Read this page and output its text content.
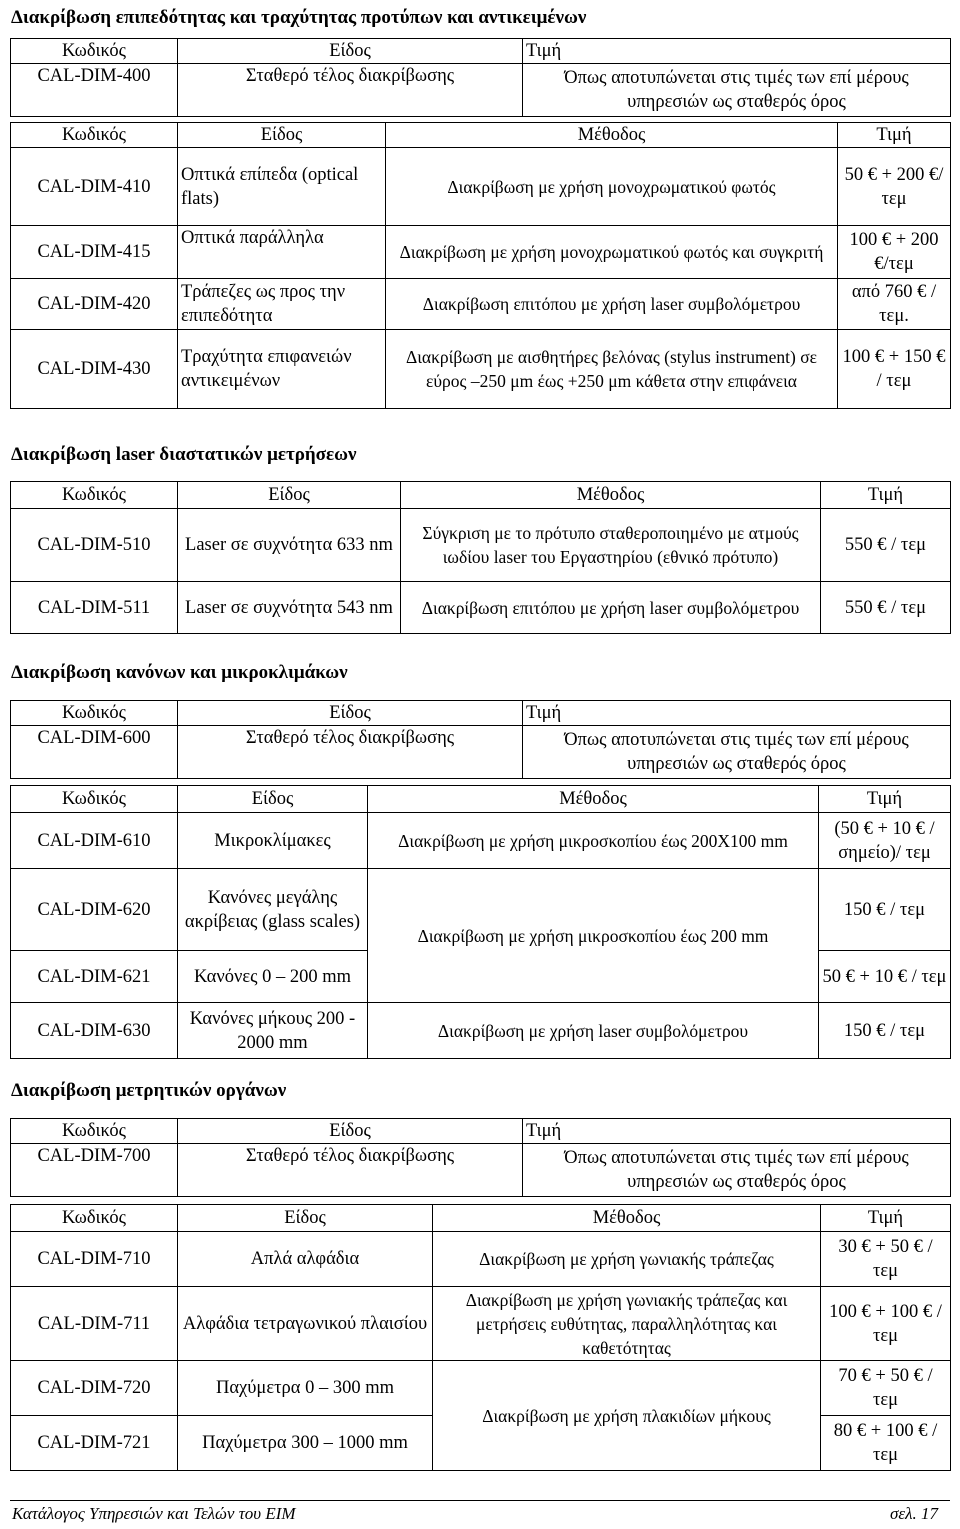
Διακρίβωση επιπεδότητας και τραχύτητας προτύπων και αντικειμένων
Κωδικός	Είδος	Τιμή
CAL-DIM-400	Σταθερό τέλος διακρίβωσης	Όπως αποτυπώνεται στις τιμές των επί μέρους υπηρεσιών ως σταθερός όρος
Κωδικός	Είδος	Μέθοδος	Τιμή
CAL-DIM-410	Οπτικά επίπεδα (optical flats)	Διακρίβωση με χρήση μονοχρωματικού φωτός	50 € + 200 €/τεμ
CAL-DIM-415	Οπτικά παράλληλα	Διακρίβωση με χρήση μονοχρωματικού φωτός και συγκριτή	100 € + 200 €/τεμ
CAL-DIM-420	Τράπεζες ως προς την επιπεδότητα	Διακρίβωση επιτόπου με χρήση laser συμβολόμετρου	από 760 € / τεμ.
CAL-DIM-430	Τραχύτητα επιφανειών αντικειμένων	Διακρίβωση με αισθητήρες βελόνας (stylus instrument) σε εύρος –250 μm έως +250 μm κάθετα στην επιφάνεια	100 € + 150 € / τεμ
Διακρίβωση laser διαστατικών μετρήσεων
Κωδικός	Είδος	Μέθοδος	Τιμή
CAL-DIM-510	Laser σε συχνότητα 633 nm	Σύγκριση με το πρότυπο σταθεροποιημένο με ατμούς ιωδίου laser του Εργαστηρίου (εθνικό πρότυπο)	550 € / τεμ
CAL-DIM-511	Laser σε συχνότητα 543 nm	Διακρίβωση επιτόπου με χρήση laser συμβολόμετρου	550 € / τεμ
Διακρίβωση κανόνων και μικροκλιμάκων
Κωδικός	Είδος	Τιμή
CAL-DIM-600	Σταθερό τέλος διακρίβωσης	Όπως αποτυπώνεται στις τιμές των επί μέρους υπηρεσιών ως σταθερός όρος
Κωδικός	Είδος	Μέθοδος	Τιμή
CAL-DIM-610	Μικροκλίμακες	Διακρίβωση με χρήση μικροσκοπίου έως 200Χ100 mm	(50 € + 10 € / σημείο)/ τεμ
CAL-DIM-620	Κανόνες μεγάλης ακρίβειας (glass scales)	Διακρίβωση με χρήση μικροσκοπίου έως 200 mm	150 € / τεμ
CAL-DIM-621	Κανόνες 0 – 200 mm		50 € + 10 € / τεμ
CAL-DIM-630	Κανόνες μήκους 200 - 2000 mm	Διακρίβωση με χρήση laser συμβολόμετρου	150 € / τεμ
Διακρίβωση μετρητικών οργάνων
Κωδικός	Είδος	Τιμή
CAL-DIM-700	Σταθερό τέλος διακρίβωσης	Όπως αποτυπώνεται στις τιμές των επί μέρους υπηρεσιών ως σταθερός όρος
Κωδικός	Είδος	Μέθοδος	Τιμή
CAL-DIM-710	Απλά αλφάδια	Διακρίβωση με χρήση γωνιακής τράπεζας	30 € + 50 € / τεμ
CAL-DIM-711	Αλφάδια τετραγωνικού πλαισίου	Διακρίβωση με χρήση γωνιακής τράπεζας και μετρήσεις ευθύτητας, παραλληλότητας και καθετότητας	100 € + 100 € / τεμ
CAL-DIM-720	Παχύμετρα 0 – 300 mm	Διακρίβωση με χρήση πλακιδίων μήκους	70 € + 50 € / τεμ
CAL-DIM-721	Παχύμετρα 300 – 1000 mm		80 € + 100 € / τεμ
Κατάλογος Υπηρεσιών και Τελών του ΕΙΜ	σελ. 17
